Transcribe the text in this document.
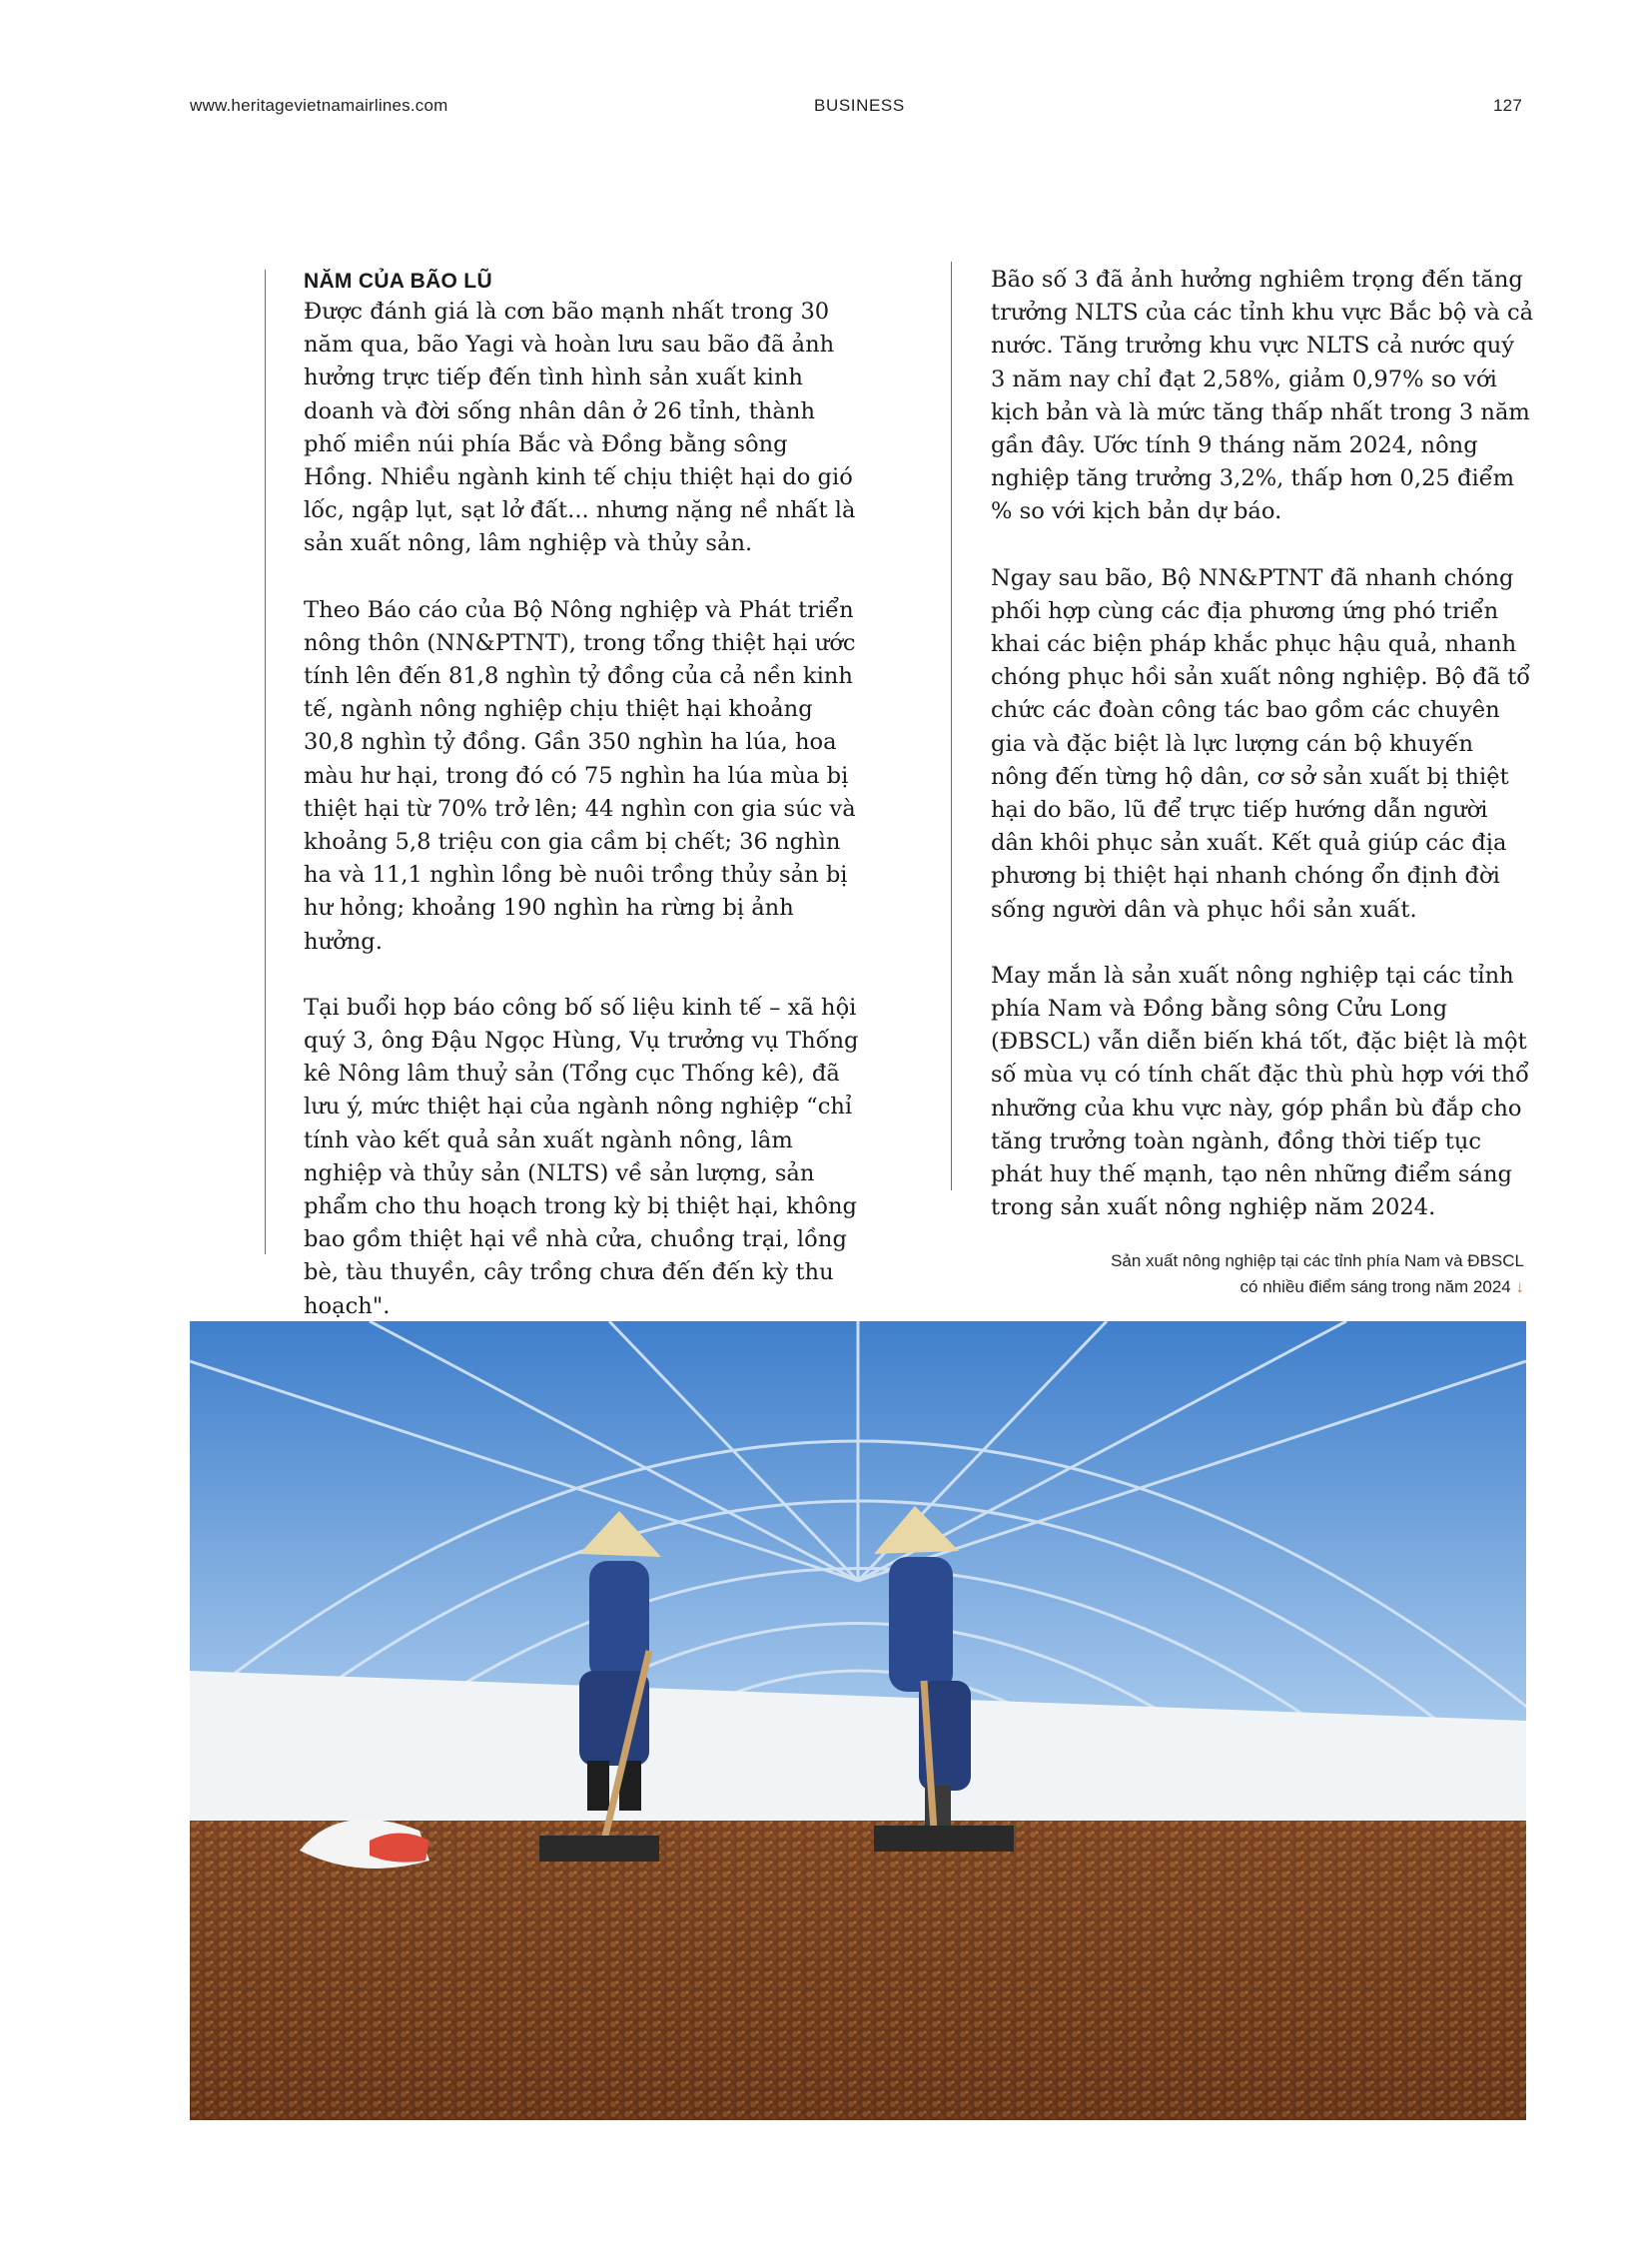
www.heritagevietnamairlines.com	BUSINESS	127
NĂM CỦA BÃO LŨ

Được đánh giá là cơn bão mạnh nhất trong 30 năm qua, bão Yagi và hoàn lưu sau bão đã ảnh hưởng trực tiếp đến tình hình sản xuất kinh doanh và đời sống nhân dân ở 26 tỉnh, thành phố miền núi phía Bắc và Đồng bằng sông Hồng. Nhiều ngành kinh tế chịu thiệt hại do gió lốc, ngập lụt, sạt lở đất... nhưng nặng nề nhất là sản xuất nông, lâm nghiệp và thủy sản.

Theo Báo cáo của Bộ Nông nghiệp và Phát triển nông thôn (NN&PTNT), trong tổng thiệt hại ước tính lên đến 81,8 nghìn tỷ đồng của cả nền kinh tế, ngành nông nghiệp chịu thiệt hại khoảng 30,8 nghìn tỷ đồng. Gần 350 nghìn ha lúa, hoa màu hư hại, trong đó có 75 nghìn ha lúa mùa bị thiệt hại từ 70% trở lên; 44 nghìn con gia súc và khoảng 5,8 triệu con gia cầm bị chết; 36 nghìn ha và 11,1 nghìn lồng bè nuôi trồng thủy sản bị hư hỏng; khoảng 190 nghìn ha rừng bị ảnh hưởng.

Tại buổi họp báo công bố số liệu kinh tế – xã hội quý 3, ông Đậu Ngọc Hùng, Vụ trưởng vụ Thống kê Nông lâm thuỷ sản (Tổng cục Thống kê), đã lưu ý, mức thiệt hại của ngành nông nghiệp “chỉ tính vào kết quả sản xuất ngành nông, lâm nghiệp và thủy sản (NLTS) về sản lượng, sản phẩm cho thu hoạch trong kỳ bị thiệt hại, không bao gồm thiệt hại về nhà cửa, chuồng trại, lồng bè, tàu thuyền, cây trồng chưa đến đến kỳ thu hoạch".

Bão số 3 đã ảnh hưởng nghiêm trọng đến tăng trưởng NLTS của các tỉnh khu vực Bắc bộ và cả nước. Tăng trưởng khu vực NLTS cả nước quý 3 năm nay chỉ đạt 2,58%, giảm 0,97% so với kịch bản và là mức tăng thấp nhất trong 3 năm gần đây. Ước tính 9 tháng năm 2024, nông nghiệp tăng trưởng 3,2%, thấp hơn 0,25 điểm % so với kịch bản dự báo.

Ngay sau bão, Bộ NN&PTNT đã nhanh chóng phối hợp cùng các địa phương ứng phó triển khai các biện pháp khắc phục hậu quả, nhanh chóng phục hồi sản xuất nông nghiệp. Bộ đã tổ chức các đoàn công tác bao gồm các chuyên gia và đặc biệt là lực lượng cán bộ khuyến nông đến từng hộ dân, cơ sở sản xuất bị thiệt hại do bão, lũ để trực tiếp hướng dẫn người dân khôi phục sản xuất. Kết quả giúp các địa phương bị thiệt hại nhanh chóng ổn định đời sống người dân và phục hồi sản xuất.

May mắn là sản xuất nông nghiệp tại các tỉnh phía Nam và Đồng bằng sông Cửu Long (ĐBSCL) vẫn diễn biến khá tốt, đặc biệt là một số mùa vụ có tính chất đặc thù phù hợp với thổ nhưỡng của khu vực này, góp phần bù đắp cho tăng trưởng toàn ngành, đồng thời tiếp tục phát huy thế mạnh, tạo nên những điểm sáng trong sản xuất nông nghiệp năm 2024.

Sản xuất nông nghiệp tại các tỉnh phía Nam và ĐBSCL
có nhiều điểm sáng trong năm 2024 ↓
